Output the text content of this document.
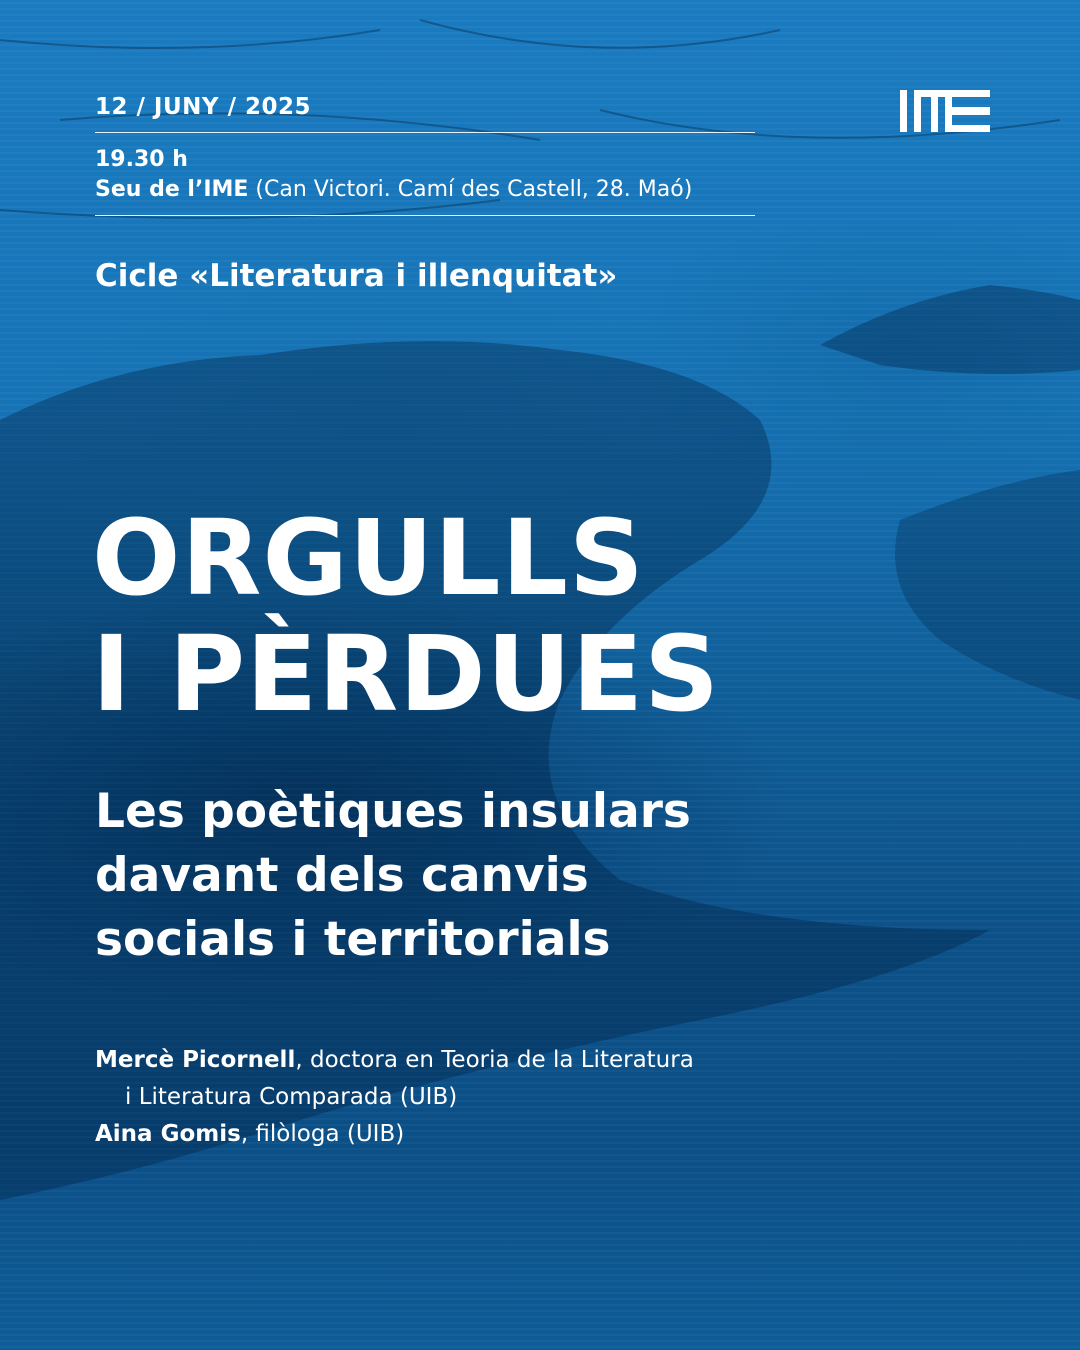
12 / JUNY / 2025
19.30 h
Seu de l’IME (Can Victori. Camí des Castell, 28. Maó)
Cicle «Literatura i illenquitat»
ORGULLS
I PÈRDUES
Les poètiques insulars
davant dels canvis
socials i territorials
Mercè Picornell, doctora en Teoria de la Literatura
i Literatura Comparada (UIB)
Aina Gomis, filòloga (UIB)
